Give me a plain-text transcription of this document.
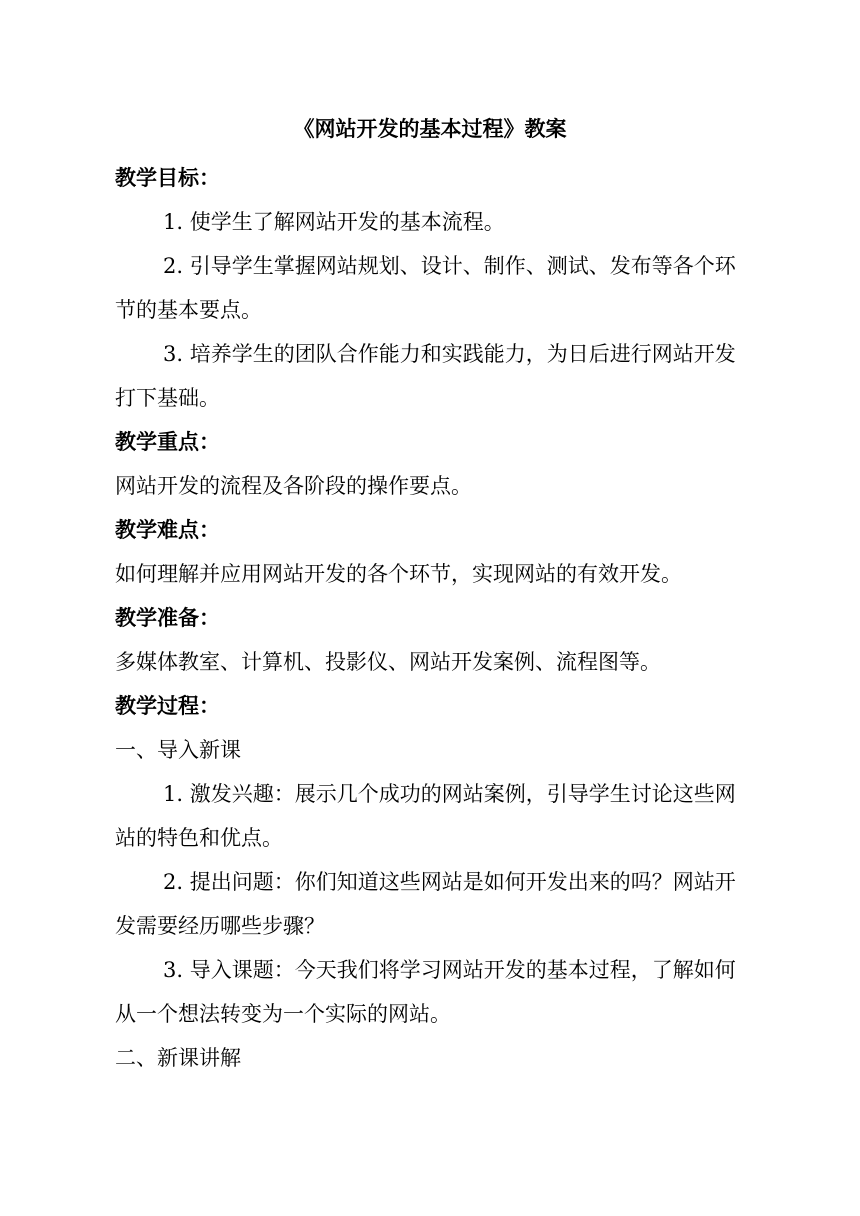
《网站开发的基本过程》教案

教学目标：

1. 使学生了解网站开发的基本流程。

2. 引导学生掌握网站规划、设计、制作、测试、发布等各个环

节的基本要点。

3. 培养学生的团队合作能力和实践能力，为日后进行网站开发

打下基础。

教学重点：

网站开发的流程及各阶段的操作要点。

教学难点：

如何理解并应用网站开发的各个环节，实现网站的有效开发。

教学准备：

多媒体教室、计算机、投影仪、网站开发案例、流程图等。

教学过程：

一、导入新课

1. 激发兴趣：展示几个成功的网站案例，引导学生讨论这些网

站的特色和优点。

2. 提出问题：你们知道这些网站是如何开发出来的吗？网站开

发需要经历哪些步骤？

3. 导入课题：今天我们将学习网站开发的基本过程，了解如何

从一个想法转变为一个实际的网站。

二、新课讲解
